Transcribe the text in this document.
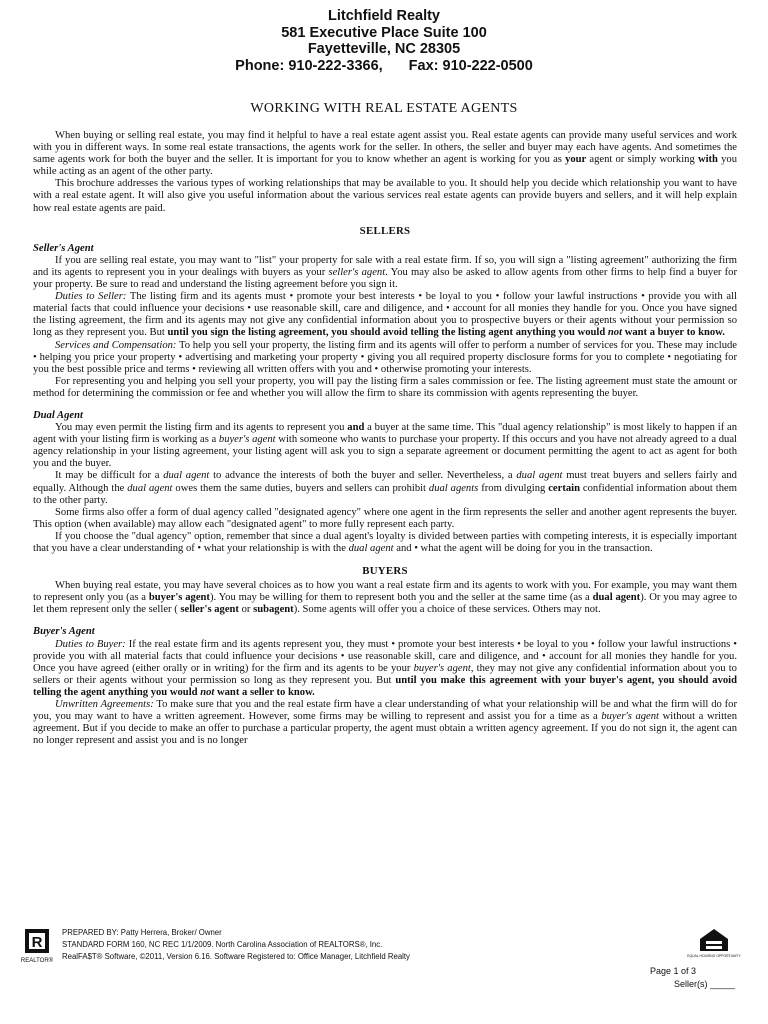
Litchfield Realty
581 Executive Place Suite 100
Fayetteville, NC 28305
Phone: 910-222-3366, Fax: 910-222-0500
WORKING WITH REAL ESTATE AGENTS

When buying or selling real estate, you may find it helpful to have a real estate agent assist you. Real estate agents can provide many useful services and work with you in different ways. In some real estate transactions, the agents work for the seller. In others, the seller and buyer may each have agents. And sometimes the same agents work for both the buyer and the seller. It is important for you to know whether an agent is working for you as your agent or simply working with you while acting as an agent of the other party.

This brochure addresses the various types of working relationships that may be available to you. It should help you decide which relationship you want to have with a real estate agent. It will also give you useful information about the various services real estate agents can provide buyers and sellers, and it will help explain how real estate agents are paid.

SELLERS
Seller's Agent

If you are selling real estate, you may want to "list" your property for sale with a real estate firm. If so, you will sign a "listing agreement" authorizing the firm and its agents to represent you in your dealings with buyers as your seller's agent. You may also be asked to allow agents from other firms to help find a buyer for your property. Be sure to read and understand the listing agreement before you sign it.

Duties to Seller: The listing firm and its agents must • promote your best interests • be loyal to you • follow your lawful instructions • provide you with all material facts that could influence your decisions • use reasonable skill, care and diligence, and • account for all monies they handle for you. Once you have signed the listing agreement, the firm and its agents may not give any confidential information about you to prospective buyers or their agents without your permission so long as they represent you. But until you sign the listing agreement, you should avoid telling the listing agent anything you would not want a buyer to know.

Services and Compensation: To help you sell your property, the listing firm and its agents will offer to perform a number of services for you. These may include • helping you price your property • advertising and marketing your property • giving you all required property disclosure forms for you to complete • negotiating for you the best possible price and terms • reviewing all written offers with you and • otherwise promoting your interests.

For representing you and helping you sell your property, you will pay the listing firm a sales commission or fee. The listing agreement must state the amount or method for determining the commission or fee and whether you will allow the firm to share its commission with agents representing the buyer.

Dual Agent

You may even permit the listing firm and its agents to represent you and a buyer at the same time. This "dual agency relationship" is most likely to happen if an agent with your listing firm is working as a buyer's agent with someone who wants to purchase your property. If this occurs and you have not already agreed to a dual agency relationship in your listing agreement, your listing agent will ask you to sign a separate agreement or document permitting the agent to act as agent for both you and the buyer.

It may be difficult for a dual agent to advance the interests of both the buyer and seller. Nevertheless, a dual agent must treat buyers and sellers fairly and equally. Although the dual agent owes them the same duties, buyers and sellers can prohibit dual agents from divulging certain confidential information about them to the other party.

Some firms also offer a form of dual agency called "designated agency" where one agent in the firm represents the seller and another agent represents the buyer. This option (when available) may allow each "designated agent" to more fully represent each party.

If you choose the "dual agency" option, remember that since a dual agent's loyalty is divided between parties with competing interests, it is especially important that you have a clear understanding of • what your relationship is with the dual agent and • what the agent will be doing for you in the transaction.

BUYERS

When buying real estate, you may have several choices as to how you want a real estate firm and its agents to work with you. For example, you may want them to represent only you (as a buyer's agent). You may be willing for them to represent both you and the seller at the same time (as a dual agent). Or you may agree to let them represent only the seller ( seller's agent or subagent). Some agents will offer you a choice of these services. Others may not.

Buyer's Agent

Duties to Buyer: If the real estate firm and its agents represent you, they must • promote your best interests • be loyal to you • follow your lawful instructions • provide you with all material facts that could influence your decisions • use reasonable skill, care and diligence, and • account for all monies they handle for you. Once you have agreed (either orally or in writing) for the firm and its agents to be your buyer's agent, they may not give any confidential information about you to sellers or their agents without your permission so long as they represent you. But until you make this agreement with your buyer's agent, you should avoid telling the agent anything you would not want a seller to know.

Unwritten Agreements: To make sure that you and the real estate firm have a clear understanding of what your relationship will be and what the firm will do for you, you may want to have a written agreement. However, some firms may be willing to represent and assist you for a time as a buyer's agent without a written agreement. But if you decide to make an offer to purchase a particular property, the agent must obtain a written agency agreement. If you do not sign it, the agent can no longer represent and assist you and is no longer

R
REALTOR®
PREPARED BY: Patty Herrera, Broker/ Owner
STANDARD FORM 160, NC REC 1/1/2009. North Carolina Association of REALTORS®, Inc.
RealFA$T® Software, ©2011, Version 6.16. Software Registered to: Office Manager, Litchfield Realty	EQUAL HOUSING OPPORTUNITY
Page 1 of 3
Seller(s) _____
